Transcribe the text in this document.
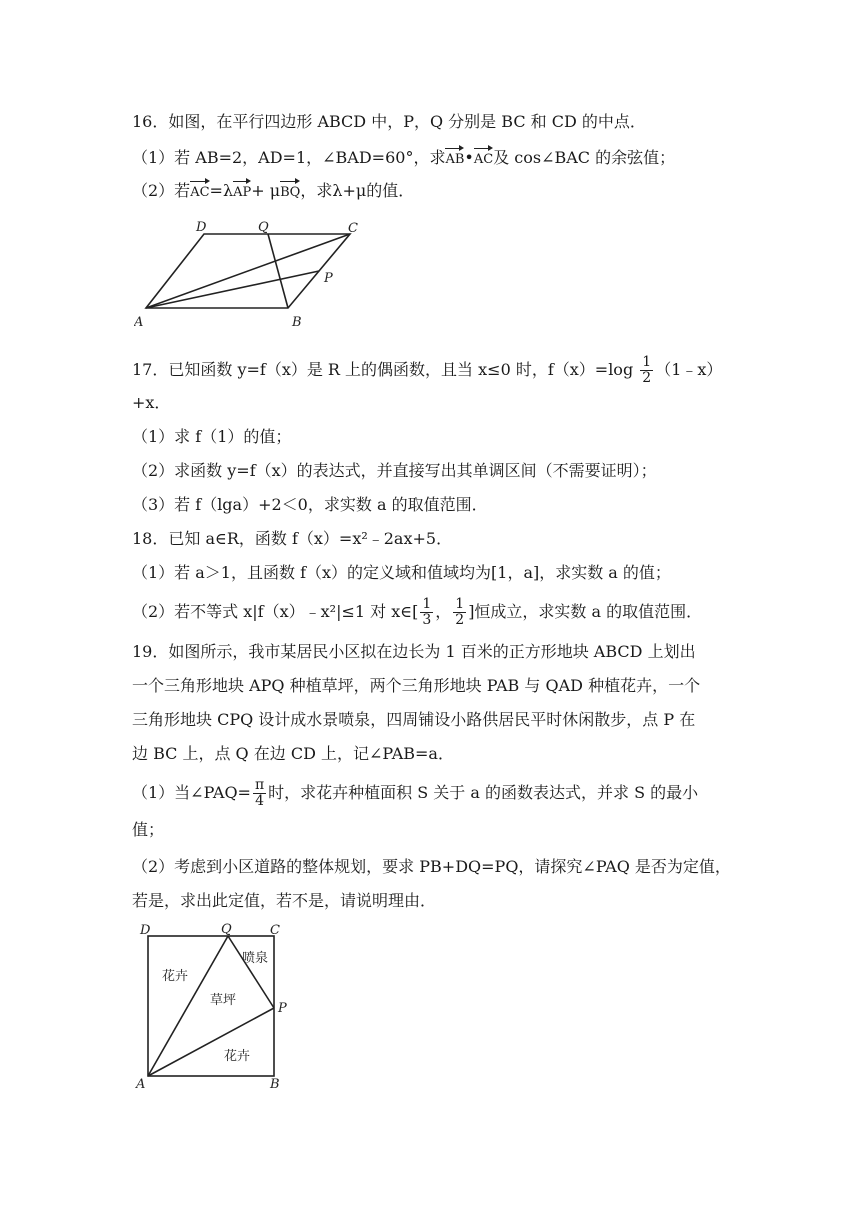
16．如图，在平行四边形 ABCD 中，P，Q 分别是 BC 和 CD 的中点．
（1）若 AB=2，AD=1，∠BAD=60°，求AB•AC及 cos∠BAC 的余弦值；
（2）若AC=λAP+ μBQ，求λ+μ的值．
A	B
C
D
P
Q
17．已知函数 y=f（x）是 R 上的偶函数，且当 x≤0 时，$f(x)=\log \frac{1}{2}$ （1﹣x）
+x．
（1）求 f（1）的值；
（2）求函数 y=f（x）的表达式，并直接写出其单调区间（不需要证明）；
（3）若 f（lga）+2＜0，求实数 a 的取值范围．
18．已知 a∈R，函数 f（x）=x²﹣2ax+5．
（1）若 a＞1，且函数 f（x）的定义域和值域均为[1，a]，求实数 a 的值；
（2）若不等式 x|f（x）﹣x²|≤1 对 x∈[ $\frac{1}{3}$ ， $\frac{1}{2}$ ]恒成立，求实数 a 的取值范围．
19．如图所示，我市某居民小区拟在边长为 1 百米的正方形地块 ABCD 上划出
一个三角形地块 APQ 种植草坪，两个三角形地块 PAB 与 QAD 种植花卉，一个
三角形地块 CPQ 设计成水景喷泉，四周铺设小路供居民平时休闲散步，点 P 在
边 BC 上，点 Q 在边 CD 上，记∠PAB=a．
（1）当∠PAQ= $\frac{\pi}{4}$ 时，求花卉种植面积 S 关于 a 的函数表达式，并求 S 的最小
值；
（2）考虑到小区道路的整体规划，要求 PB+DQ=PQ，请探究∠PAQ 是否为定值，
若是，求出此定值，若不是，请说明理由．
D	Q	C
P
A	B
喷泉
草坪
花卉
花卉
